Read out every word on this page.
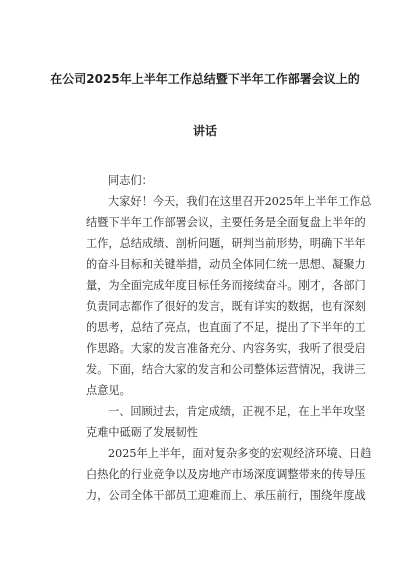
在公司2025年上半年工作总结暨下半年工作部署会议上的
讲话
同志们：
大家好！今天，我们在这里召开2025年上半年工作总
结暨下半年工作部署会议，主要任务是全面复盘上半年的
工作，总结成绩、剖析问题，研判当前形势，明确下半年
的奋斗目标和关键举措，动员全体同仁统一思想、凝聚力
量，为全面完成年度目标任务而接续奋斗。刚才，各部门
负责同志都作了很好的发言，既有详实的数据，也有深刻
的思考，总结了亮点，也直面了不足，提出了下半年的工
作思路。大家的发言准备充分、内容务实，我听了很受启
发。下面，结合大家的发言和公司整体运营情况，我讲三
点意见。
一、回顾过去，肯定成绩，正视不足，在上半年攻坚
克难中砥砺了发展韧性
2025年上半年，面对复杂多变的宏观经济环境、日趋
白热化的行业竞争以及房地产市场深度调整带来的传导压
力，公司全体干部员工迎难而上、承压前行，围绕年度战
